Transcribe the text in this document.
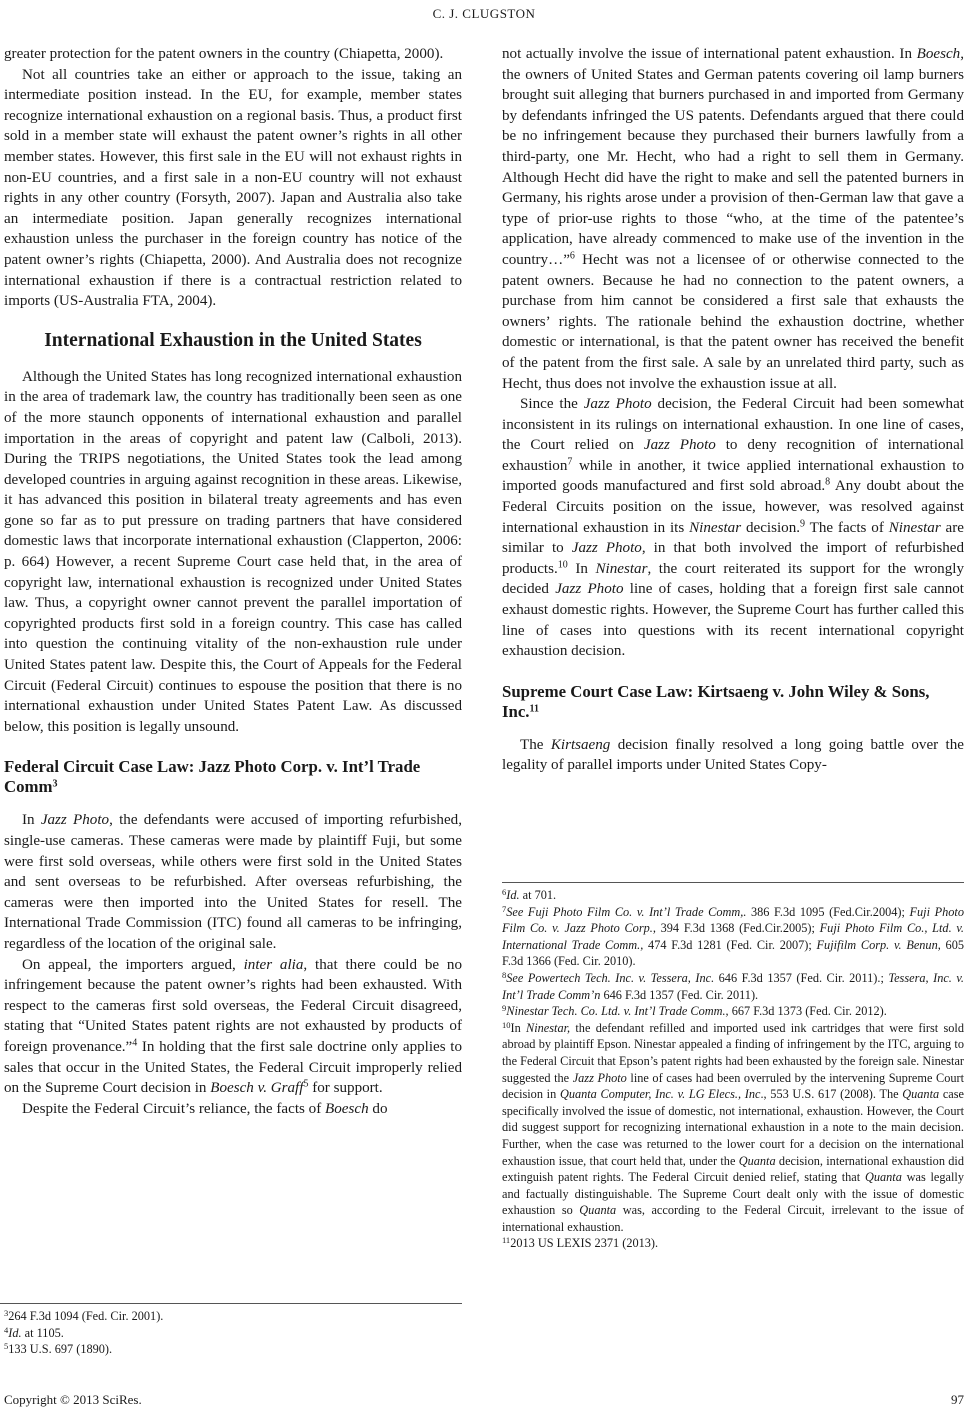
C. J. CLUGSTON

greater protection for the patent owners in the country (Chiapetta, 2000).

Not all countries take an either or approach to the issue, taking an intermediate position instead. In the EU, for example, member states recognize international exhaustion on a regional basis. Thus, a product first sold in a member state will exhaust the patent owner’s rights in all other member states. However, this first sale in the EU will not exhaust rights in non-EU countries, and a first sale in a non-EU country will not exhaust rights in any other country (Forsyth, 2007). Japan and Australia also take an intermediate position. Japan generally recognizes international exhaustion unless the purchaser in the foreign country has notice of the patent owner’s rights (Chiapetta, 2000). And Australia does not recognize international exhaustion if there is a contractual restriction related to imports (US-Australia FTA, 2004).

International Exhaustion in the United States

Although the United States has long recognized international exhaustion in the area of trademark law, the country has traditionally been seen as one of the more staunch opponents of international exhaustion and parallel importation in the areas of copyright and patent law (Calboli, 2013). During the TRIPS negotiations, the United States took the lead among developed countries in arguing against recognition in these areas. Likewise, it has advanced this position in bilateral treaty agreements and has even gone so far as to put pressure on trading partners that have considered domestic laws that incorporate international exhaustion (Clapperton, 2006: p. 664) However, a recent Supreme Court case held that, in the area of copyright law, international exhaustion is recognized under United States law. Thus, a copyright owner cannot prevent the parallel importation of copyrighted products first sold in a foreign country. This case has called into question the continuing vitality of the non-exhaustion rule under United States patent law. Despite this, the Court of Appeals for the Federal Circuit (Federal Circuit) continues to espouse the position that there is no international exhaustion under United States Patent Law. As discussed below, this position is legally unsound.

Federal Circuit Case Law: Jazz Photo Corp. v. Int’l Trade Comm$^3$

In Jazz Photo, the defendants were accused of importing refurbished, single-use cameras. These cameras were made by plaintiff Fuji, but some were first sold overseas, while others were first sold in the United States and sent overseas to be refurbished. After overseas refurbishing, the cameras were then imported into the United States for resell. The International Trade Commission (ITC) found all cameras to be infringing, regardless of the location of the original sale.

On appeal, the importers argued, inter alia, that there could be no infringement because the patent owner’s rights had been exhausted. With respect to the cameras first sold overseas, the Federal Circuit disagreed, stating that “United States patent rights are not exhausted by products of foreign provenance.”$^4$ In holding that the first sale doctrine only applies to sales that occur in the United States, the Federal Circuit improperly relied on the Supreme Court decision in Boesch v. Graff$^5$ for support.

Despite the Federal Circuit’s reliance, the facts of Boesch do

$^3$264 F.3d 1094 (Fed. Cir. 2001).

$^4$Id. at 1105.

$^5$133 U.S. 697 (1890).

not actually involve the issue of international patent exhaustion. In Boesch, the owners of United States and German patents covering oil lamp burners brought suit alleging that burners purchased in and imported from Germany by defendants infringed the US patents. Defendants argued that there could be no infringement because they purchased their burners lawfully from a third-party, one Mr. Hecht, who had a right to sell them in Germany. Although Hecht did have the right to make and sell the patented burners in Germany, his rights arose under a provision of then-German law that gave a type of prior-use rights to those “who, at the time of the patentee’s application, have already commenced to make use of the invention in the country…”$^6$ Hecht was not a licensee of or otherwise connected to the patent owners. Because he had no connection to the patent owners, a purchase from him cannot be considered a first sale that exhausts the owners’ rights. The rationale behind the exhaustion doctrine, whether domestic or international, is that the patent owner has received the benefit of the patent from the first sale. A sale by an unrelated third party, such as Hecht, thus does not involve the exhaustion issue at all.

Since the Jazz Photo decision, the Federal Circuit had been somewhat inconsistent in its rulings on international exhaustion. In one line of cases, the Court relied on Jazz Photo to deny recognition of international exhaustion$^7$ while in another, it twice applied international exhaustion to imported goods manufactured and first sold abroad.$^8$ Any doubt about the Federal Circuits position on the issue, however, was resolved against international exhaustion in its Ninestar decision.$^9$ The facts of Ninestar are similar to Jazz Photo, in that both involved the import of refurbished products.$^{10}$ In Ninestar, the court reiterated its support for the wrongly decided Jazz Photo line of cases, holding that a foreign first sale cannot exhaust domestic rights. However, the Supreme Court has further called this line of cases into questions with its recent international copyright exhaustion decision.

Supreme Court Case Law: Kirtsaeng v. John Wiley & Sons, Inc.$^{11}$

The Kirtsaeng decision finally resolved a long going battle over the legality of parallel imports under United States Copy-

$^6$Id. at 701.

$^7$See Fuji Photo Film Co. v. Int’l Trade Comm,. 386 F.3d 1095 (Fed.Cir.2004); Fuji Photo Film Co. v. Jazz Photo Corp., 394 F.3d 1368 (Fed.Cir.2005); Fuji Photo Film Co., Ltd. v. International Trade Comm., 474 F.3d 1281 (Fed. Cir. 2007); Fujifilm Corp. v. Benun, 605 F.3d 1366 (Fed. Cir. 2010).

$^8$See Powertech Tech. Inc. v. Tessera, Inc. 646 F.3d 1357 (Fed. Cir. 2011).; Tessera, Inc. v. Int’l Trade Comm’n 646 F.3d 1357 (Fed. Cir. 2011).

$^9$Ninestar Tech. Co. Ltd. v. Int’l Trade Comm., 667 F.3d 1373 (Fed. Cir. 2012).

$^{10}$In Ninestar, the defendant refilled and imported used ink cartridges that were first sold abroad by plaintiff Epson. Ninestar appealed a finding of infringement by the ITC, arguing to the Federal Circuit that Epson’s patent rights had been exhausted by the foreign sale. Ninestar suggested the Jazz Photo line of cases had been overruled by the intervening Supreme Court decision in Quanta Computer, Inc. v. LG Elecs., Inc., 553 U.S. 617 (2008). The Quanta case specifically involved the issue of domestic, not international, exhaustion. However, the Court did suggest support for recognizing international exhaustion in a note to the main decision. Further, when the case was returned to the lower court for a decision on the international exhaustion issue, that court held that, under the Quanta decision, international exhaustion did extinguish patent rights. The Federal Circuit denied relief, stating that Quanta was legally and factually distinguishable. The Supreme Court dealt only with the issue of domestic exhaustion so Quanta was, according to the Federal Circuit, irrelevant to the issue of international exhaustion.

$^{11}$2013 US LEXIS 2371 (2013).

Copyright © 2013 SciRes.	97
